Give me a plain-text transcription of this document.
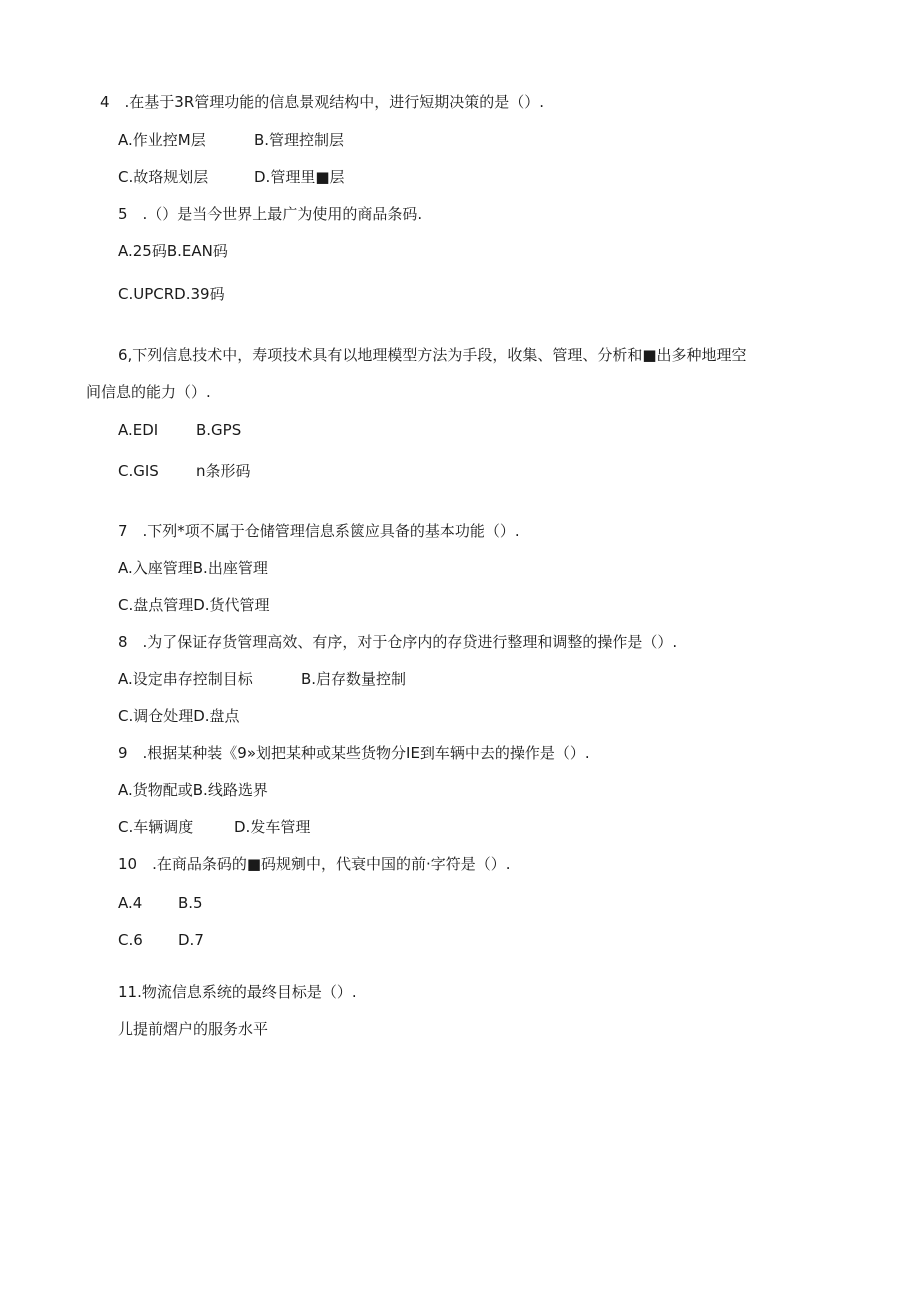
4　.在基于3R管理功能的信息景观结构中，进行短期决策的是（）.
A.作业控M层	B.管理控制层
C.故珞规划层	D.管理里■层
5　.（）是当今世界上最广为使用的商品条码.
A.25码B.EAN码
C.UPCRD.39码
6,下列信息技术中，寿项技术具有以地理模型方法为手段，收集、管理、分析和■出多种地理空
间信息的能力（）.
A.EDI	B.GPS
C.GIS n条形码
7　.下列*项不属于仓储管理信息系篋应具备的基本功能（）.
A.入座管理B.出座管理
C.盘点管理D.货代管理
8　.为了保证存货管理高效、有序，对于仓序内的存贷进行整理和调整的操作是（）.
A.设定串存控制目标	B.启存数量控制
C.调仓处理D.盘点
9　.根据某种装《9»划把某种或某些货物分IE到车辆中去的操作是（）.
A.货物配或B.线路选界
C.车辆调度	D.发车管理
10　.在商品条码的■码规剜中，代衰中国的前·字符是（）.
A.4 B.5
C.6 D.7
11.物流信息系统的最终目标是（）.
儿提前熠户的服务水平
